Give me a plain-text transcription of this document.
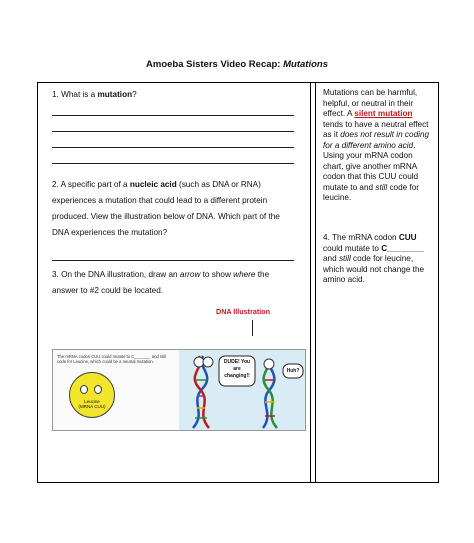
Amoeba Sisters Video Recap: Mutations
1. What is a mutation?
2. A specific part of a nucleic acid (such as DNA or RNA)
experiences a mutation that could lead to a different protein
produced. View the illustration below of DNA. Which part of the
DNA experiences the mutation?
3. On the DNA illustration, draw an arrow to show where the
answer to #2 could be located.
DNA Illustration
The mRNA codon CUU could mutate to C_______ and still code for Leucine, which could be a neutral mutation.
Leucine
(MRNA CUU)
DUDE! You
are
changing!!
Huh?
Mutations can be harmful, helpful, or neutral in their effect. A silent mutation tends to have a neutral effect as it does not result in coding for a different amino acid. Using your mRNA codon chart, give another mRNA codon that this CUU could mutate to and still code for leucine.
4. The mRNA codon CUU could mutate to C________ and still code for leucine, which would not change the amino acid.
